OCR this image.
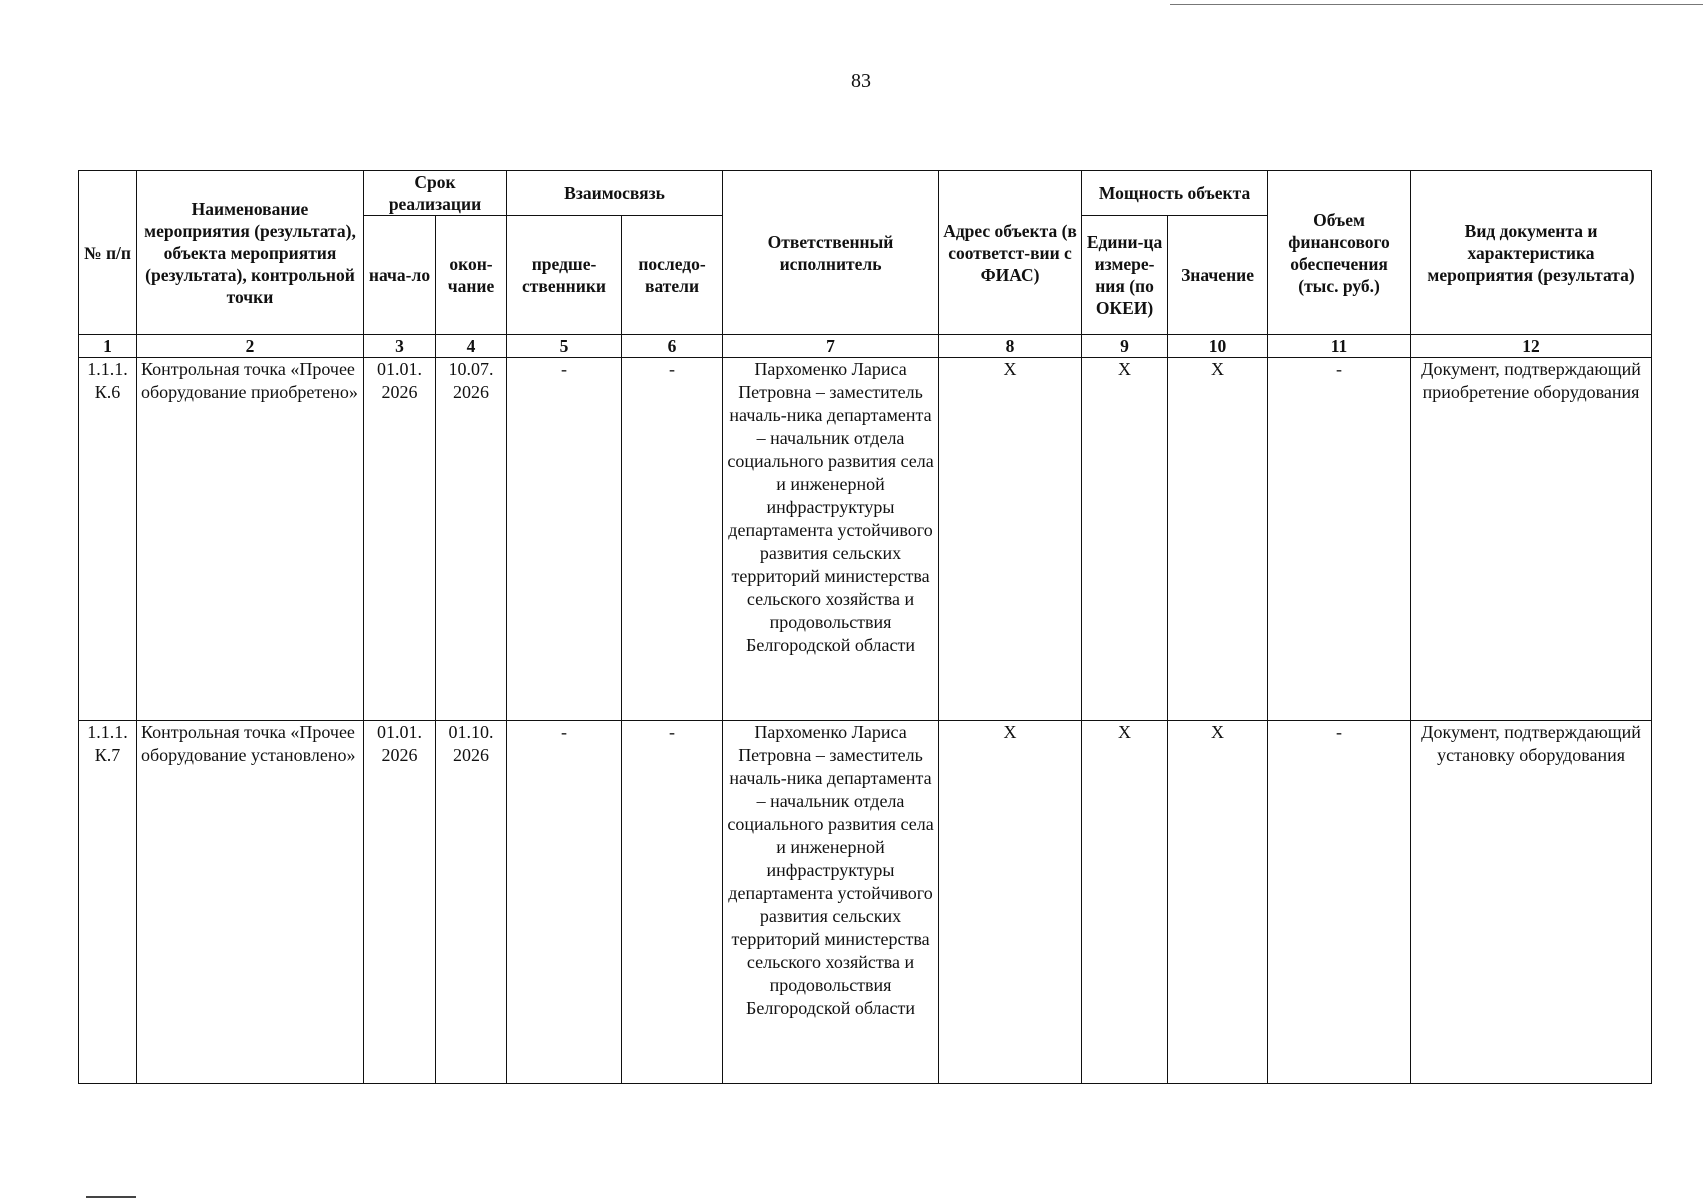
83
№ п/п	Наименование мероприятия (результата), объекта мероприятия (результата), контрольной точки	Срок реализации		Взаимосвязь		Ответственный исполнитель	Адрес объекта (в соответст-вии с ФИАС)	Мощность объекта		Объем финансового обеспечения (тыс. руб.)	Вид документа и характеристика мероприятия (результата)
		нача-ло	окон-чание	предше-ственники	последо-ватели			Едини-ца измере-ния (по ОКЕИ)	Значение		
1	2	3	4	5	6	7	8	9	10	11	12
1.1.1. К.6	Контрольная точка «Прочее оборудование приобретено»	01.01. 2026	10.07. 2026	-	-	Пархоменко Лариса Петровна – заместитель началь-ника департамента – начальник отдела социального развития села и инженерной инфраструктуры департамента устойчивого развития сельских территорий министерства сельского хозяйства и продовольствия Белгородской области	Х	Х	Х	-	Документ, подтверждающий приобретение оборудования
1.1.1. К.7	Контрольная точка «Прочее оборудование установлено»	01.01. 2026	01.10. 2026	-	-	Пархоменко Лариса Петровна – заместитель началь-ника департамента – начальник отдела социального развития села и инженерной инфраструктуры департамента устойчивого развития сельских территорий министерства сельского хозяйства и продовольствия Белгородской области	Х	Х	Х	-	Документ, подтверждающий установку оборудования
